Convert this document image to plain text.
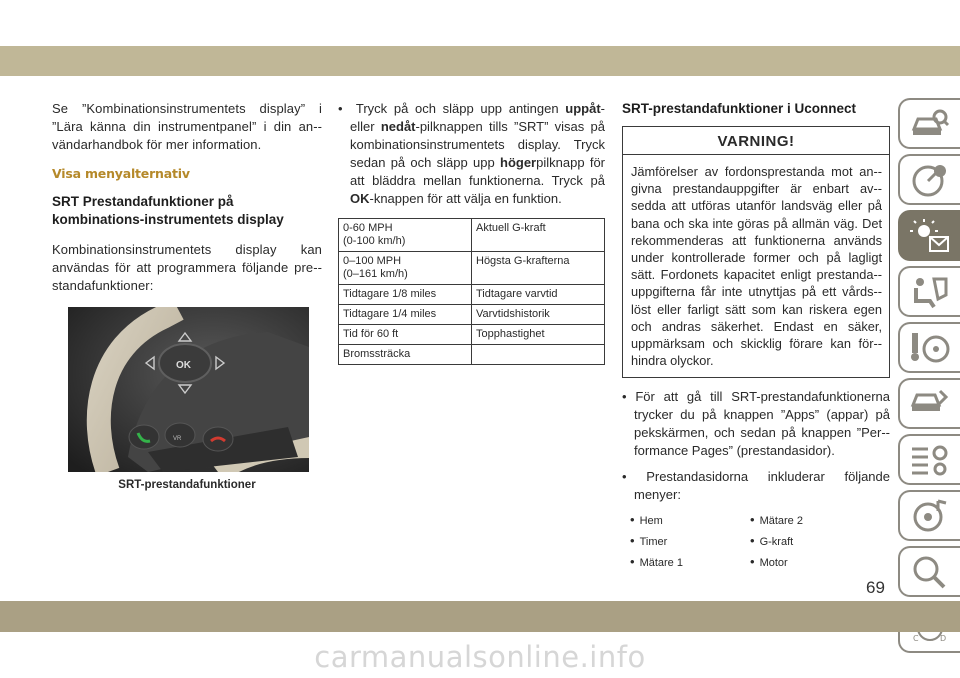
Se ”Kombinationsinstrumentets display” i ”Lära känna din instrumentpanel” i din an-vändarhandbok för mer information.

Visa menyalternativ
SRT Prestandafunktioner på kombinations-instrumentets display

Kombinationsinstrumentets display kan användas för att programmera följande pre-standafunktioner:

OK
VR
SRT-prestandafunktioner
•  Tryck på och släpp upp antingen uppåt- eller nedåt-pilknappen tills ”SRT” visas på kombinationsinstrumentets display. Tryck sedan på och släpp upp högerpilknapp för att bläddra mellan funktionerna. Tryck på OK-knappen för att välja en funktion.
0-60 MPH
(0-100 km/h)	Aktuell G-kraft
0–100 MPH
(0–161 km/h)	Högsta G-krafterna
Tidtagare 1/8 miles	Tidtagare varvtid
Tidtagare 1/4 miles	Varvtidshistorik
Tid för 60 ft	Topphastighet
Bromssträcka	
SRT-prestandafunktioner i Uconnect
VARNING!
Jämförelser av fordonsprestanda mot an-givna prestandauppgifter är enbart av-sedda att utföras utanför landsväg eller på bana och ska inte göras på allmän väg. Det rekommenderas att funktionerna används under kontrollerade former och på lagligt sätt. Fordonets kapacitet enligt prestanda-uppgifterna får inte utnyttjas på ett vårds-löst eller farligt sätt som kan riskera egen och andras säkerhet. Endast en säker, uppmärksam och skicklig förare kan för-hindra olyckor.
• För att gå till SRT-prestandafunktionerna trycker du på knappen ”Apps” (appar) på pekskärmen, och sedan på knappen ”Per-formance Pages” (prestandasidor).
• Prestandasidorna inkluderar följande menyer:
• Hem	• Mätare 2
• Timer	• G-kraft
• Mätare 1	• Motor
C	D
69
carmanualsonline.info
